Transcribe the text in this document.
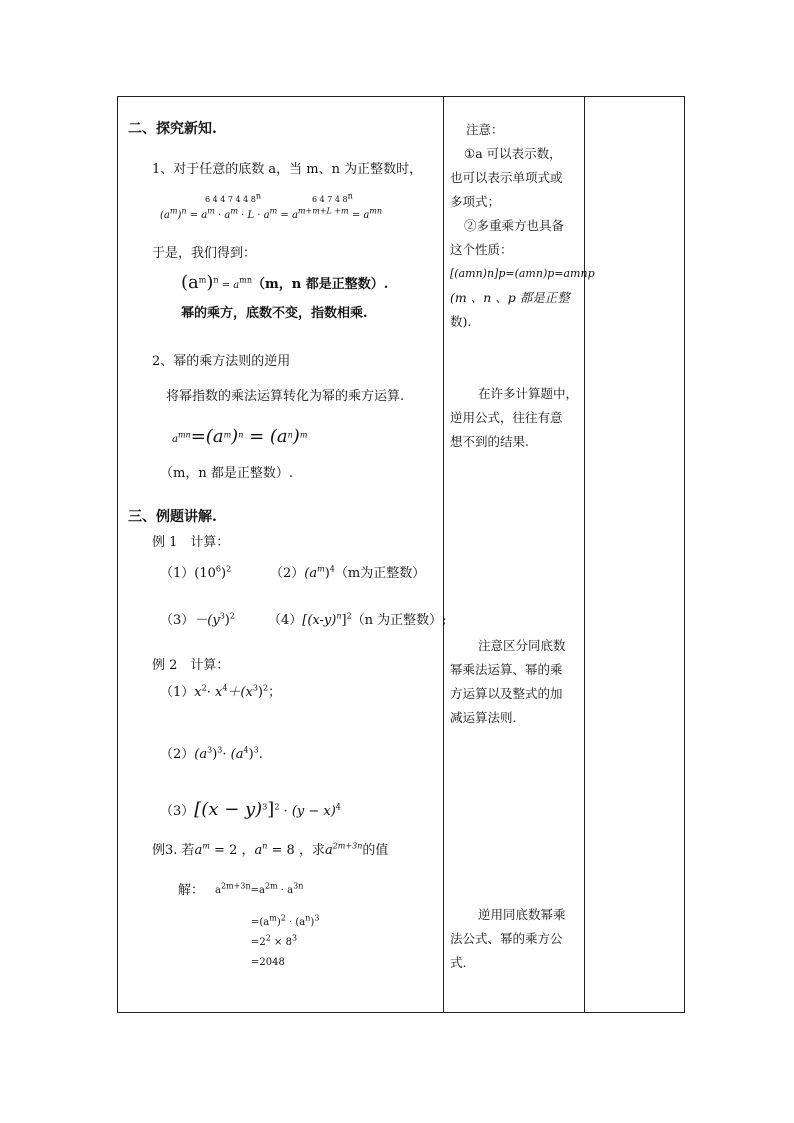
二、探究新知.
1、对于任意的底数 a，当 m、n 为正整数时，
6 4 4 7 4 4 8$^n$	6 4 7 4 8$^n$
$(a^m)^n = a^m \cdot a^m \cdot L \cdot a^m = a^{m+m+L +m} = a^{mn}$
于是，我们得到：
$(a^m)^n = a^{mn}(m$，n 都是正整数）.
幂的乘方，底数不变，指数相乘.
2、幂的乘方法则的逆用
将幂指数的乘法运算转化为幂的乘方运算.
$a^{mn}=(a^m)^n = (a^n)^m$
（m，n 都是正整数）.
三、例题讲解.
例 1　计算：
$(1)(10^6)^2$	$(2)(a^m)^4(m$为正整数）
$(3)-(y^3)^2$	$(4)[(x-y)^n]^2(n$ 为正整数）;
例 2　计算：
$(1)x^2\cdot x^4+(x^3)^2$；
$(2)(a^3)^3\cdot (a^4)^3$.
$(3)[(x - y)^3]^2 \cdot (y - x)^4$
例3. 若$a^m = 2$ ，$a^n = 8$ ，求$a^{2m+3n}$的值
解： $a^{2m+3n}=a^{2m} \cdot a^{3n}$
$=(a^m)^2 \cdot (a^n)^3$
$=2^2 \times 8^3$
=2048
注意：
①a 可以表示数，
也可以表示单项式或
多项式；
②多重乘方也具备
这个性质：
[(amn)n]p=(amn)p=amnp
(m 、n 、p 都是正整
数).
在许多计算题中，
逆用公式，往往有意
想不到的结果.
注意区分同底数
幂乘法运算、幂的乘
方运算以及整式的加
减运算法则.
逆用同底数幂乘
法公式、幂的乘方公
式.
